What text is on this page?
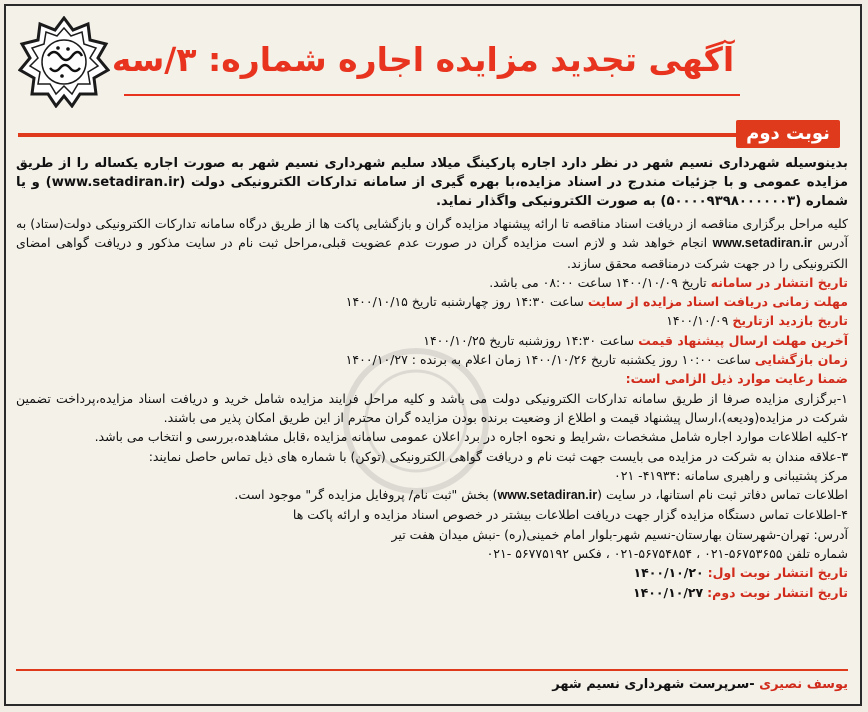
آگهی تجدید مزایده اجاره شماره: ۳/سه
نوبت دوم

بدینوسیله شهرداری نسیم شهر در نظر دارد اجاره پارکینگ میلاد سلیم شهرداری نسیم شهر به صورت اجاره یکساله را از طریق مزایده عمومی و با جزئیات مندرج در اسناد مزایده،با بهره گیری از سامانه تدارکات الکترونیکی دولت (www.setadiran.ir) و یا شماره (۵۰۰۰۰۹۳۹۸۰۰۰۰۰۰۳) به صورت الکترونیکی واگذار نماید.

کلیه مراحل برگزاری مناقصه از دریافت اسناد مناقصه تا ارائه پیشنهاد مزایده گران و بازگشایی پاکت ها از طریق درگاه سامانه تدارکات الکترونیکی دولت(ستاد) به آدرس www.setadiran.ir انجام خواهد شد و لازم است مزایده گران در صورت عدم عضویت قبلی،مراحل ثبت نام در سایت مذکور و دریافت گواهی امضای الکترونیکی را در جهت شرکت درمناقصه محقق سازند.

تاریخ انتشار در سامانه تاریخ ۱۴۰۰/۱۰/۰۹ ساعت ۰۸:۰۰ می باشد.

مهلت زمانی دریافت اسناد مزایده از سایت ساعت ۱۴:۳۰ روز چهارشنبه تاریخ ۱۴۰۰/۱۰/۱۵

تاریخ بازدید ازتاریخ ۱۴۰۰/۱۰/۰۹

آخرین مهلت ارسال پیشنهاد قیمت ساعت ۱۴:۳۰ روزشنبه تاریخ ۱۴۰۰/۱۰/۲۵

زمان بازگشایی ساعت ۱۰:۰۰ روز یکشنبه تاریخ ۱۴۰۰/۱۰/۲۶ زمان اعلام به برنده : ۱۴۰۰/۱۰/۲۷

ضمنا رعایت موارد ذیل الزامی است:

۱-برگزاری مزایده صرفا از طریق سامانه تدارکات الکترونیکی دولت می باشد و کلیه مراحل فرایند مزایده شامل خرید و دریافت اسناد مزایده،پرداخت تضمین شرکت در مزایده(ودیعه)،ارسال پیشنهاد قیمت و اطلاع از وضعیت برنده بودن مزایده گران محترم از این طریق امکان پذیر می باشند.

۲-کلیه اطلاعات موارد اجاره شامل مشخصات ،شرایط و نحوه اجاره در برد اعلان عمومی سامانه مزایده ،قابل مشاهده،بررسی و انتخاب می باشد.

۳-علاقه مندان به شرکت در مزایده می بایست جهت ثبت نام و دریافت گواهی الکترونیکی (توکن) با شماره های ذیل تماس حاصل نمایند:

مرکز پشتیبانی و راهبری سامانه :۴۱۹۳۴- ۰۲۱

اطلاعات تماس دفاتر ثبت نام استانها، در سایت (www.setadiran.ir) بخش "ثبت نام/ پروفایل مزایده گر" موجود است.

۴-اطلاعات تماس دستگاه مزایده گزار جهت دریافت اطلاعات بیشتر در خصوص اسناد مزایده و ارائه پاکت ها

آدرس: تهران-شهرستان بهارستان-نسیم شهر-بلوار امام خمینی(ره) -نبش میدان هفت تیر

شماره تلفن ۵۶۷۵۳۶۵۵-۰۲۱ ، ۵۶۷۵۴۸۵۴-۰۲۱ ، فکس ۵۶۷۷۵۱۹۲ -۰۲۱

تاریخ انتشار نوبت اول: ۱۴۰۰/۱۰/۲۰

تاریخ انتشار نوبت دوم: ۱۴۰۰/۱۰/۲۷

یوسف نصیری -سرپرست شهرداری نسیم شهر
